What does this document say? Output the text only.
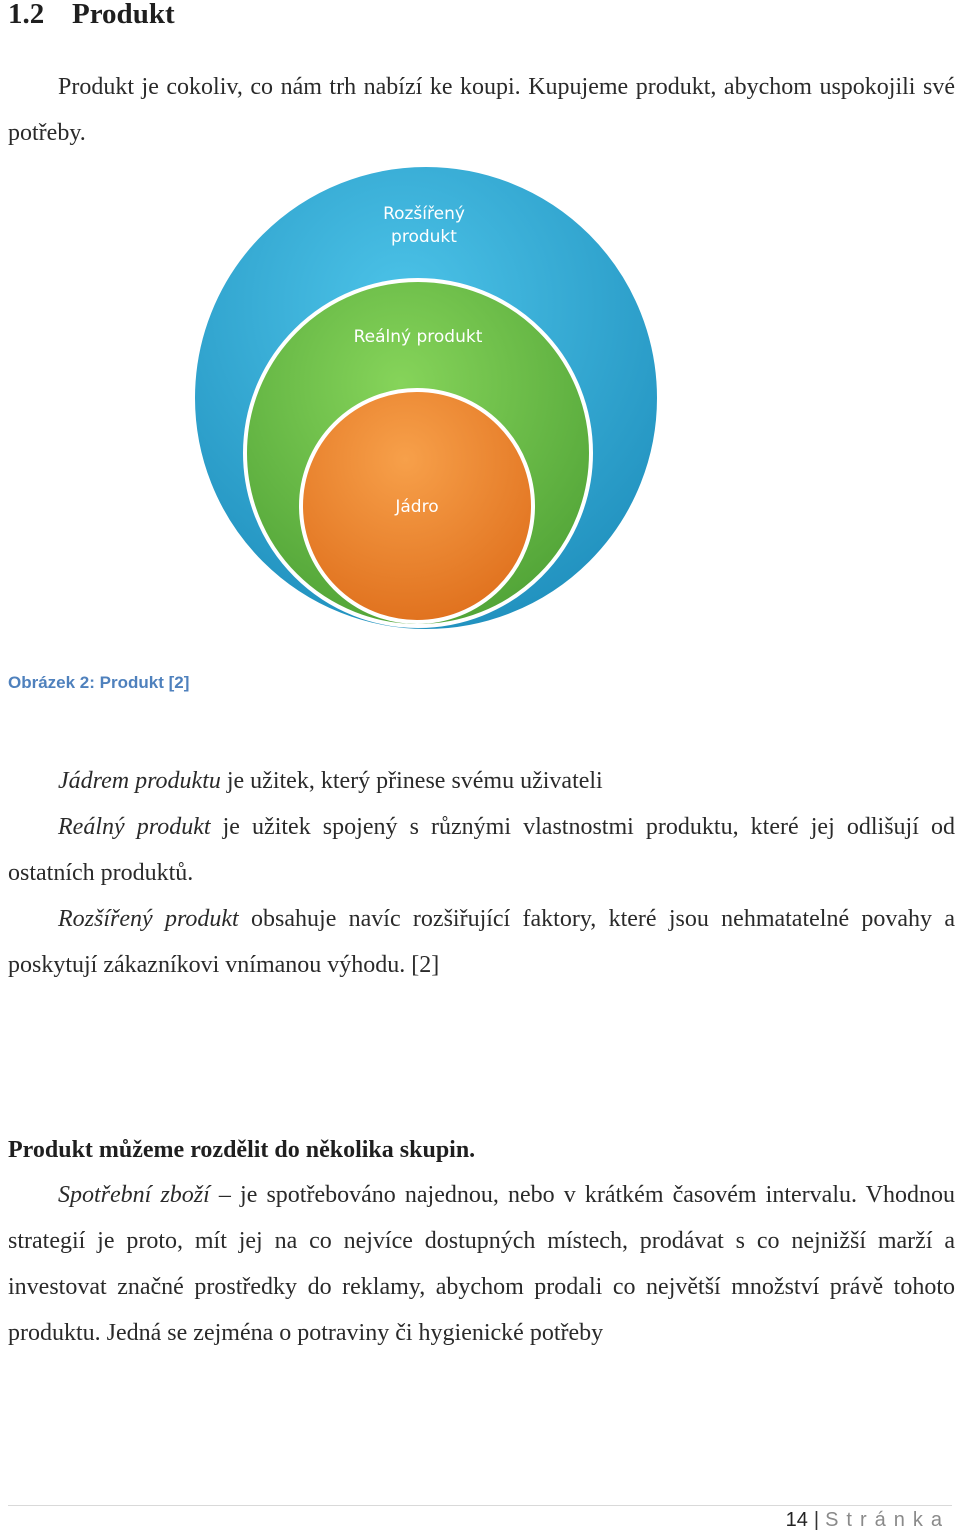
1.2 Produkt

Produkt je cokoliv, co nám trh nabízí ke koupi. Kupujeme produkt, abychom uspokojili své potřeby.

Rozšířený
produkt
Reálný produkt
Jádro
Obrázek 2: Produkt [2]

Jádrem produktu je užitek, který přinese svému uživateli

Reálný produkt je užitek spojený s různými vlastnostmi produktu, které jej odlišují od ostatních produktů.

Rozšířený produkt obsahuje navíc rozšiřující faktory, které jsou nehmatatelné povahy a poskytují zákazníkovi vnímanou výhodu. [2]

Produkt můžeme rozdělit do několika skupin.

Spotřební zboží – je spotřebováno najednou, nebo v krátkém časovém intervalu. Vhodnou strategií je proto, mít jej na co nejvíce dostupných místech, prodávat s co nejnižší marží a investovat značné prostředky do reklamy, abychom prodali co největší množství právě tohoto produktu. Jedná se zejména o potraviny či hygienické potřeby

14 | Stránka
